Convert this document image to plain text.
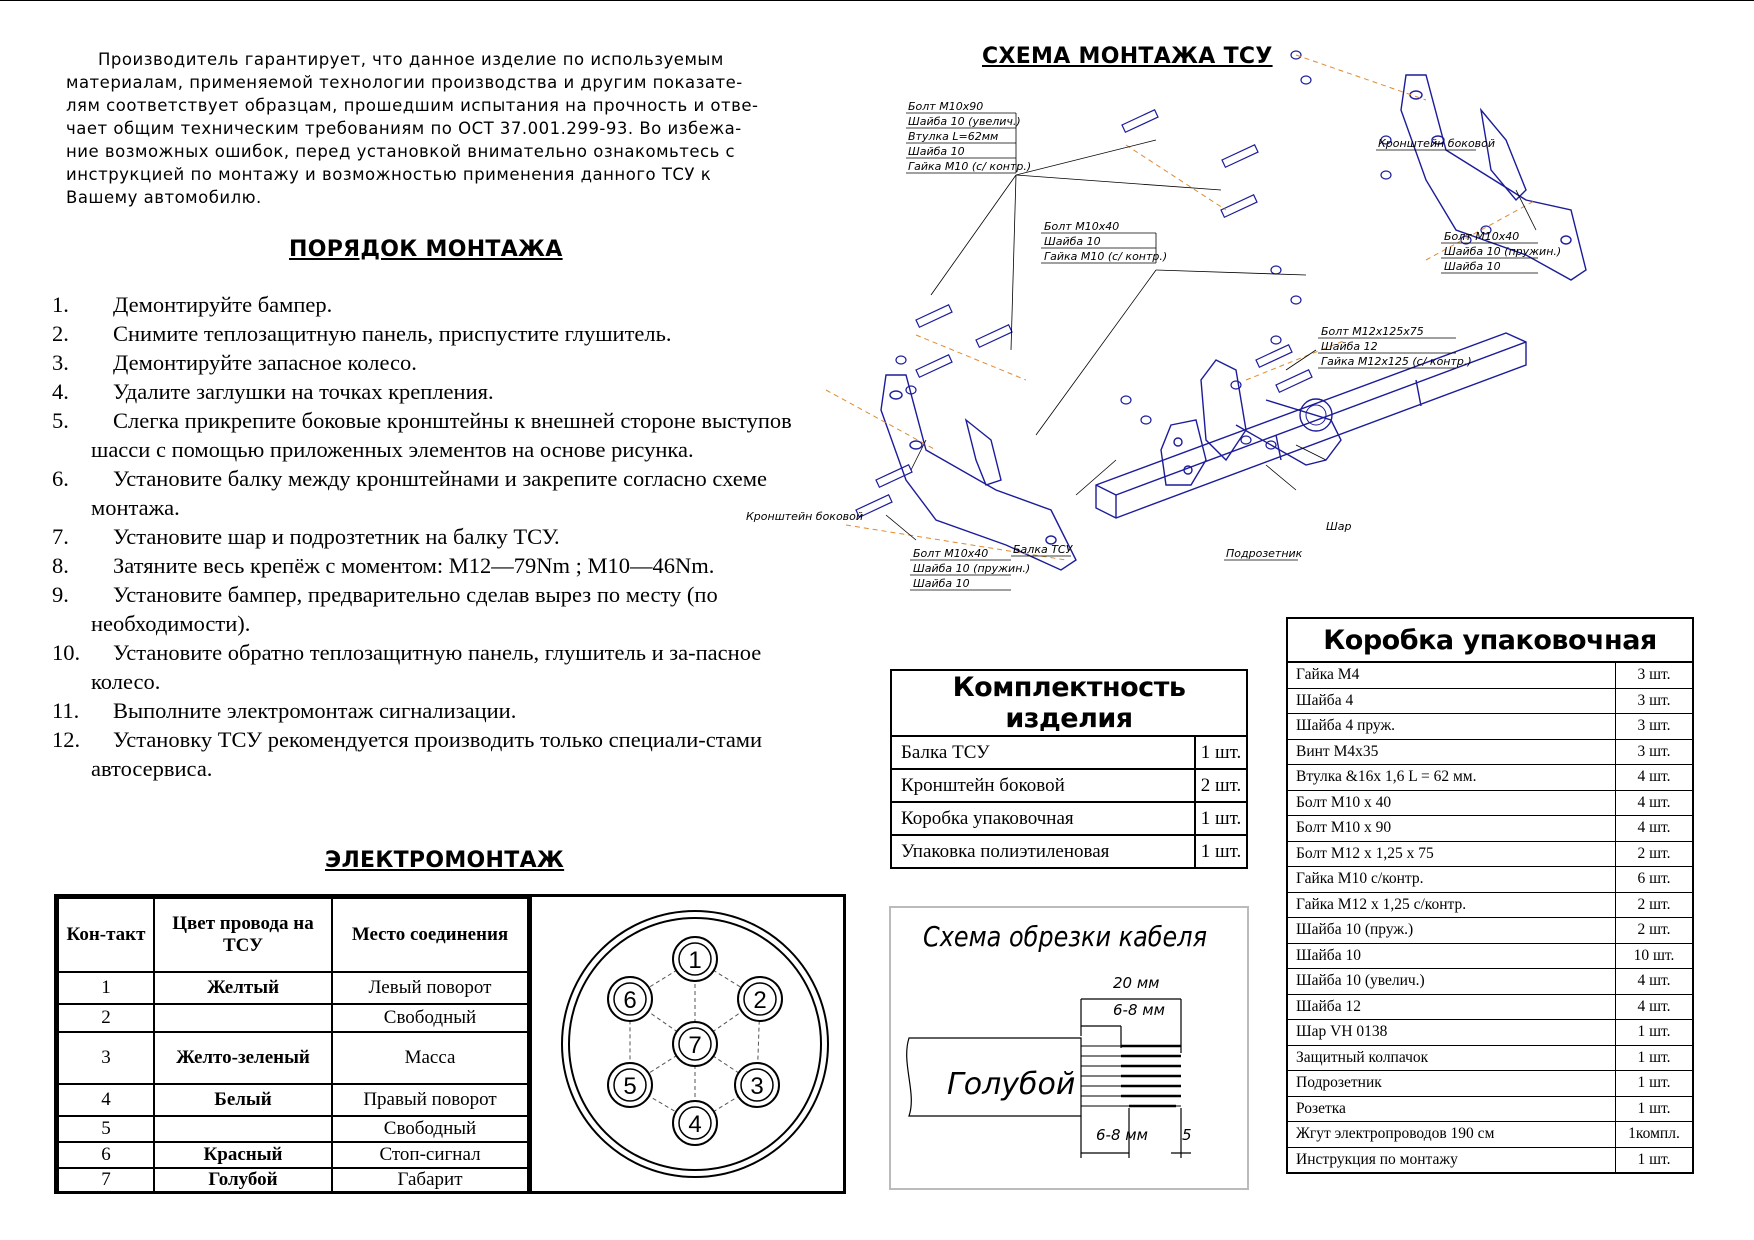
Производитель гарантирует, что данное изделие по используемым
материалам, применяемой технологии производства и другим показате-
лям соответствует образцам, прошедшим испытания на прочность и отве-
чает общим техническим требованиям по ОСТ 37.001.299-93. Во избежа-
ние возможных ошибок, перед установкой внимательно ознакомьтесь с
инструкцией по монтажу и возможностью применения данного ТСУ к
Вашему автомобилю.
ПОРЯДОК МОНТАЖА
1.	Демонтируйте бампер.
2.	Снимите теплозащитную панель, приспустите глушитель.
3.	Демонтируйте запасное колесо.
4.	Удалите заглушки на точках крепления.
5.	Слегка прикрепите боковые кронштейны к внешней стороне выступов шасси с помощью приложенных элементов на основе рисунка.
6.	Установите балку между кронштейнами и закрепите согласно схеме монтажа.
7.	Установите шар и подрозтетник на балку ТСУ.
8.	Затяните весь крепёж с моментом: М12—79Nm ; М10—46Nm.
9.	Установите бампер, предварительно сделав вырез по месту (по необходимости).
10.	Установите обратно теплозащитную панель, глушитель и за-пасное колесо.
11.	Выполните электромонтаж сигнализации.
12.	Установку ТСУ рекомендуется производить только специали-стами автосервиса.
ЭЛЕКТРОМОНТАЖ
Кон-такт	Цвет провода на ТСУ	Место соединения
1	Желтый	Левый поворот
2		Свободный
3	Желто-зеленый	Масса
4	Белый	Правый поворот
5		Свободный
6	Красный	Стоп-сигнал
7	Голубой	Габарит
1
2
3
4
5
6
7
СХЕМА МОНТАЖА ТСУ
Болт М10х90
Шайба 10 (увелич.)
Втулка L=62мм
Шайба 10
Гайка М10 (с/ контр.)
Болт М10х40
Шайба 10
Гайка М10 (с/ контр.)
Болт М10х40
Шайба 10 (пружин.)
Шайба 10
Болт М12х125х75
Шайба 12
Гайка М12х125 (с/ контр.)
Болт М10х40
Шайба 10 (пружин.)
Шайба 10
Кронштейн боковой
Кронштейн боковой
Балка ТСУ	Подрозетник
Шар
Комплектность изделия	
Балка ТСУ	1 шт.
Кронштейн боковой	2 шт.
Коробка упаковочная	1 шт.
Упаковка полиэтиленовая	1 шт.
Коробка упаковочная	
Гайка М4	3 шт.
Шайба 4	3 шт.
Шайба 4 пруж.	3 шт.
Винт М4х35	3 шт.
Втулка &16х 1,6 L = 62 мм.	4 шт.
Болт М10 х 40	4 шт.
Болт М10 х 90	4 шт.
Болт М12 х 1,25 х 75	2 шт.
Гайка М10 с/контр.	6 шт.
Гайка М12 х 1,25 с/контр.	2 шт.
Шайба 10 (пруж.)	2 шт.
Шайба 10	10 шт.
Шайба 10 (увелич.)	4 шт.
Шайба 12	4 шт.
Шар VH 0138	1 шт.
Защитный колпачок	1 шт.
Подрозетник	1 шт.
Розетка	1 шт.
Жгут электропроводов 190 см	1компл.
Инструкция по монтажу	1 шт.
Схема обрезки кабеля
20 мм
6-8 мм
6-8 мм 5
Голубой
